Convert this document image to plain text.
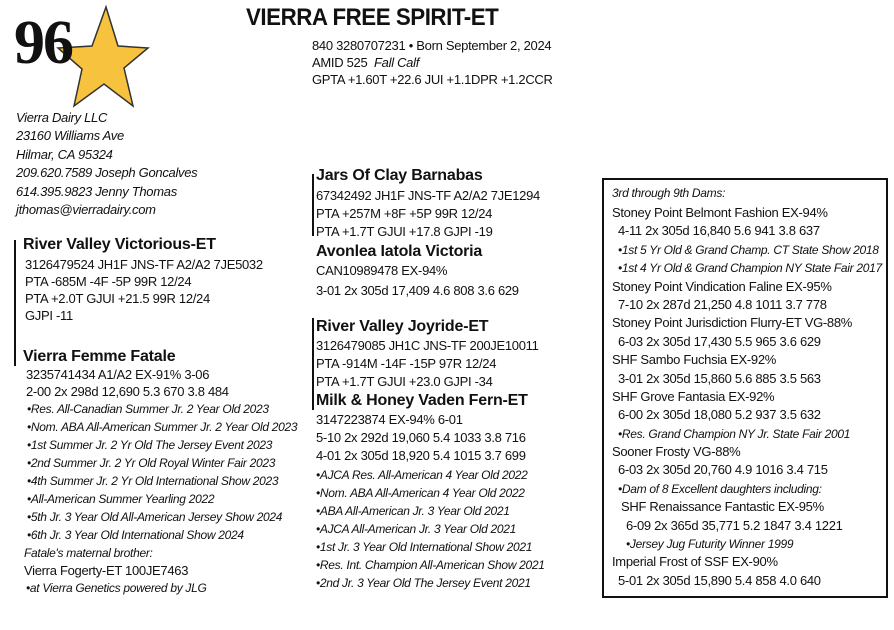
96	VIERRA FREE SPIRIT-ET
840 3280707231 • Born September 2, 2024
AMID 525 Fall Calf
GPTA +1.60T +22.6 JUI +1.1DPR +1.2CCR
Vierra Dairy LLC
23160 Williams Ave
Hilmar, CA 95324
209.620.7589 Joseph Goncalves
614.395.9823 Jenny Thomas
jthomas@vierradairy.com
River Valley Victorious-ET
3126479524 JH1F JNS-TF A2/A2 7JE5032
PTA -685M -4F -5P 99R 12/24
PTA +2.0T GJUI +21.5 99R 12/24
GJPI -11
Vierra Femme Fatale
3235741434 A1/A2 EX-91% 3-06
2-00 2x 298d 12,690 5.3 670 3.8 484
•Res. All-Canadian Summer Jr. 2 Year Old 2023
•Nom. ABA All-American Summer Jr. 2 Year Old 2023
•1st Summer Jr. 2 Yr Old The Jersey Event 2023
•2nd Summer Jr. 2 Yr Old Royal Winter Fair 2023
•4th Summer Jr. 2 Yr Old International Show 2023
•All-American Summer Yearling 2022
•5th Jr. 3 Year Old All-American Jersey Show 2024
•6th Jr. 3 Year Old International Show 2024
Fatale's maternal brother:
Vierra Fogerty-ET 100JE7463
•at Vierra Genetics powered by JLG
Jars Of Clay Barnabas
67342492 JH1F JNS-TF A2/A2 7JE1294
PTA +257M +8F +5P 99R 12/24
PTA +1.7T GJUI +17.8 GJPI -19
Avonlea Iatola Victoria
CAN10989478 EX-94%
3-01 2x 305d 17,409 4.6 808 3.6 629
River Valley Joyride-ET
3126479085 JH1C JNS-TF 200JE10011
PTA -914M -14F -15P 97R 12/24
PTA +1.7T GJUI +23.0 GJPI -34
Milk & Honey Vaden Fern-ET
3147223874 EX-94% 6-01
5-10 2x 292d 19,060 5.4 1033 3.8 716
4-01 2x 305d 18,920 5.4 1015 3.7 699
•AJCA Res. All-American 4 Year Old 2022
•Nom. ABA All-American 4 Year Old 2022
•ABA All-American Jr. 3 Year Old 2021
•AJCA All-American Jr. 3 Year Old 2021
•1st Jr. 3 Year Old International Show 2021
•Res. Int. Champion All-American Show 2021
•2nd Jr. 3 Year Old The Jersey Event 2021
3rd through 9th Dams:
Stoney Point Belmont Fashion EX-94%
4-11 2x 305d 16,840 5.6 941 3.8 637
•1st 5 Yr Old & Grand Champ. CT State Show 2018
•1st 4 Yr Old & Grand Champion NY State Fair 2017
Stoney Point Vindication Faline EX-95%
7-10 2x 287d 21,250 4.8 1011 3.7 778
Stoney Point Jurisdiction Flurry-ET VG-88%
6-03 2x 305d 17,430 5.5 965 3.6 629
SHF Sambo Fuchsia EX-92%
3-01 2x 305d 15,860 5.6 885 3.5 563
SHF Grove Fantasia EX-92%
6-00 2x 305d 18,080 5.2 937 3.5 632
•Res. Grand Champion NY Jr. State Fair 2001
Sooner Frosty VG-88%
6-03 2x 305d 20,760 4.9 1016 3.4 715
•Dam of 8 Excellent daughters including:
SHF Renaissance Fantastic EX-95%
6-09 2x 365d 35,771 5.2 1847 3.4 1221
•Jersey Jug Futurity Winner 1999
Imperial Frost of SSF EX-90%
5-01 2x 305d 15,890 5.4 858 4.0 640
